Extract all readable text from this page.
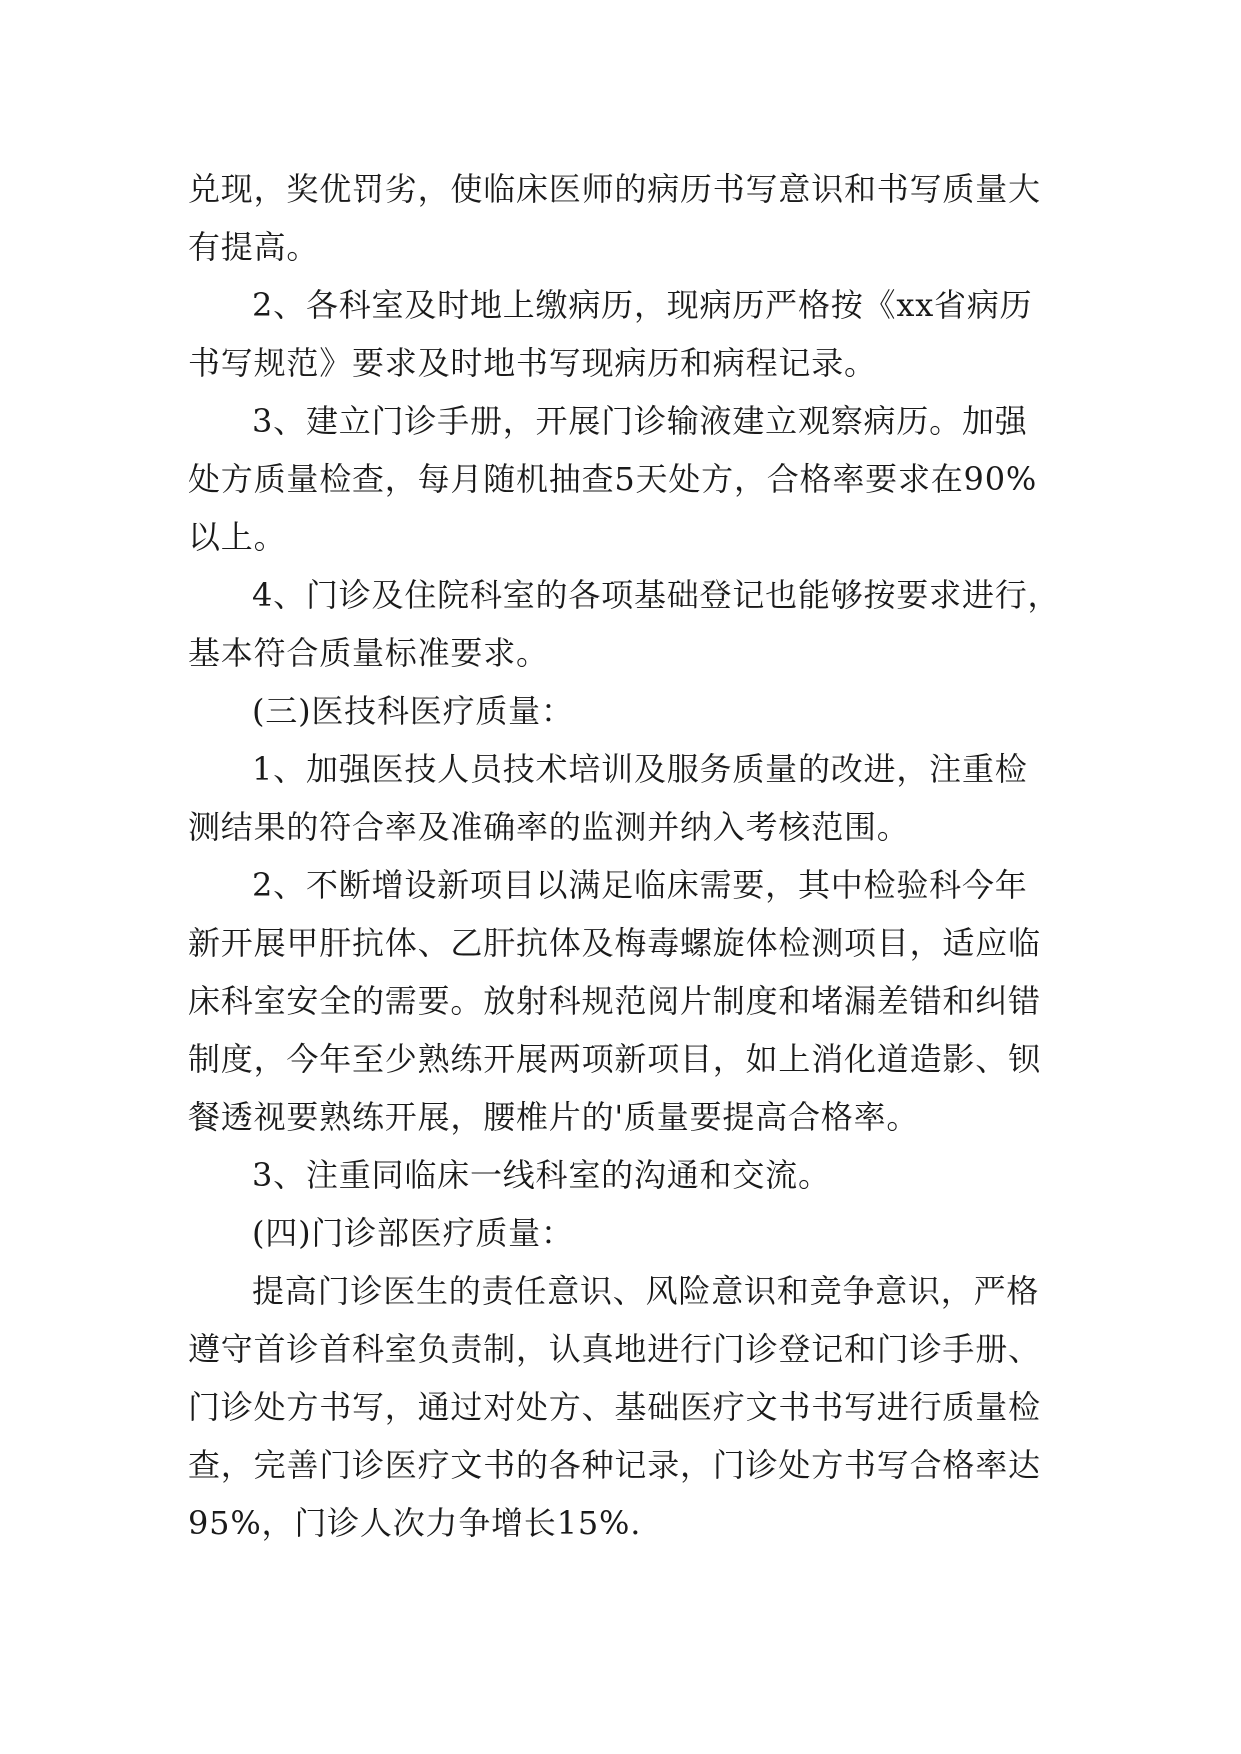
兑现，奖优罚劣，使临床医师的病历书写意识和书写质量大
有提高。
2、各科室及时地上缴病历，现病历严格按《xx省病历
书写规范》要求及时地书写现病历和病程记录。
3、建立门诊手册，开展门诊输液建立观察病历。加强
处方质量检查，每月随机抽查5天处方，合格率要求在90%
以上。
4、门诊及住院科室的各项基础登记也能够按要求进行，
基本符合质量标准要求。
(三)医技科医疗质量：
1、加强医技人员技术培训及服务质量的改进，注重检
测结果的符合率及准确率的监测并纳入考核范围。
2、不断增设新项目以满足临床需要，其中检验科今年
新开展甲肝抗体、乙肝抗体及梅毒螺旋体检测项目，适应临
床科室安全的需要。放射科规范阅片制度和堵漏差错和纠错
制度，今年至少熟练开展两项新项目，如上消化道造影、钡
餐透视要熟练开展，腰椎片的'质量要提高合格率。
3、注重同临床一线科室的沟通和交流。
(四)门诊部医疗质量：
提高门诊医生的责任意识、风险意识和竞争意识，严格
遵守首诊首科室负责制，认真地进行门诊登记和门诊手册、
门诊处方书写，通过对处方、基础医疗文书书写进行质量检
查，完善门诊医疗文书的各种记录，门诊处方书写合格率达
95%，门诊人次力争增长15%.
